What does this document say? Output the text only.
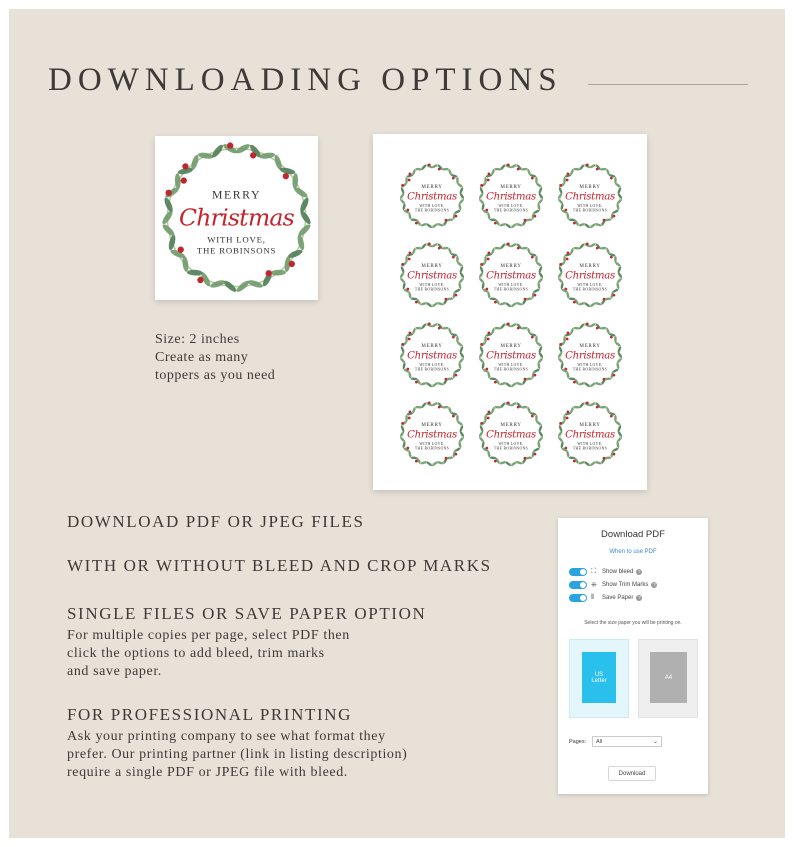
DOWNLOADING OPTIONS
MERRY
Christmas
WITH LOVE,
THE ROBINSONS
MERRY
Christmas
WITH LOVE,
THE ROBINSONS
MERRY
Christmas
WITH LOVE,
THE ROBINSONS
MERRY
Christmas
WITH LOVE,
THE ROBINSONS
MERRY
Christmas
WITH LOVE,
THE ROBINSONS
MERRY
Christmas
WITH LOVE,
THE ROBINSONS
MERRY
Christmas
WITH LOVE,
THE ROBINSONS
MERRY
Christmas
WITH LOVE,
THE ROBINSONS
MERRY
Christmas
WITH LOVE,
THE ROBINSONS
MERRY
Christmas
WITH LOVE,
THE ROBINSONS
MERRY
Christmas
WITH LOVE,
THE ROBINSONS
MERRY
Christmas
WITH LOVE,
THE ROBINSONS
MERRY
Christmas
WITH LOVE,
THE ROBINSONS
Size: 2 inches
Create as many
toppers as you need
DOWNLOAD PDF OR JPEG FILES
WITH OR WITHOUT BLEED AND CROP MARKS
SINGLE FILES OR SAVE PAPER OPTION
For multiple copies per page, select PDF then
click the options to add bleed, trim marks
and save paper.
FOR PROFESSIONAL PRINTING
Ask your printing company to see what format they
prefer. Our printing partner (link in listing description)
require a single PDF or JPEG file with bleed.
Download PDF
When to use PDF
⛶	Show bleed	?
⁜ Show Trim Marks	?
⦀	Save Paper	?
Select the size paper you will be printing on.
US
Letter	A4
Pages:	All	⌄
Download
